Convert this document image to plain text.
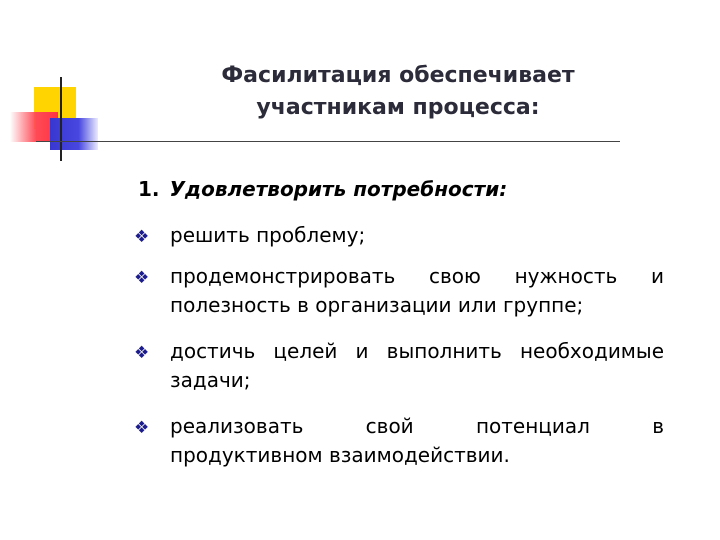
Фасилитация обеспечивает
участникам процесса:
1. Удовлетворить потребности:
❖ решить проблему;
❖ продемонстрировать свою нужность и
полезность в организации или группе;
❖ достичь целей и выполнить необходимые
задачи;
❖ реализовать свой потенциал в
продуктивном взаимодействии.
